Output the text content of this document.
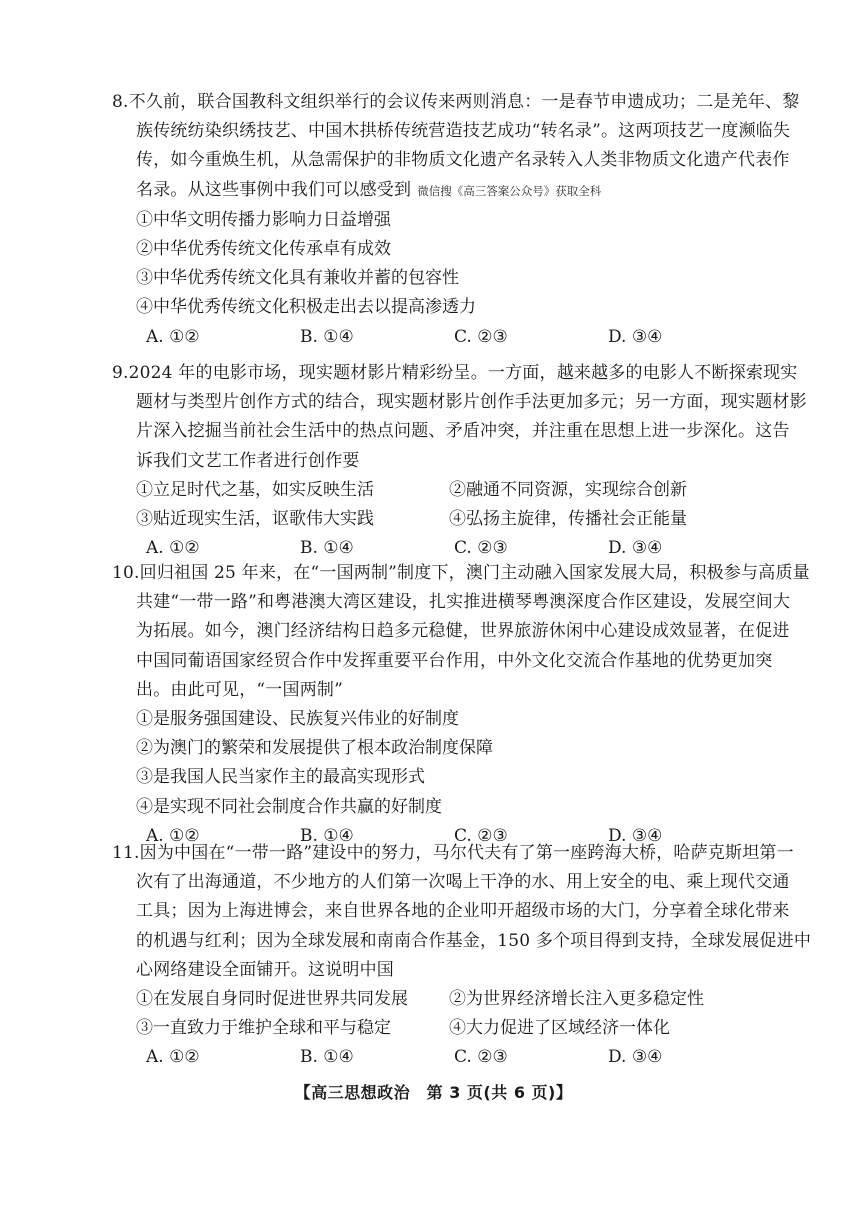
8.不久前，联合国教科文组织举行的会议传来两则消息：一是春节申遗成功；二是羌年、黎
族传统纺染织绣技艺、中国木拱桥传统营造技艺成功“转名录”。这两项技艺一度濒临失
传，如今重焕生机，从急需保护的非物质文化遗产名录转入人类非物质文化遗产代表作
名录。从这些事例中我们可以感受到 微信搜《高三答案公众号》获取全科
①中华文明传播力影响力日益增强
②中华优秀传统文化传承卓有成效
③中华优秀传统文化具有兼收并蓄的包容性
④中华优秀传统文化积极走出去以提高渗透力
A. ①②	B. ①④	C. ②③	D. ③④
9.2024 年的电影市场，现实题材影片精彩纷呈。一方面，越来越多的电影人不断探索现实
题材与类型片创作方式的结合，现实题材影片创作手法更加多元；另一方面，现实题材影
片深入挖掘当前社会生活中的热点问题、矛盾冲突，并注重在思想上进一步深化。这告
诉我们文艺工作者进行创作要
①立足时代之基，如实反映生活	②融通不同资源，实现综合创新
③贴近现实生活，讴歌伟大实践	④弘扬主旋律，传播社会正能量
A. ①②	B. ①④	C. ②③	D. ③④
10.回归祖国 25 年来，在“一国两制”制度下，澳门主动融入国家发展大局，积极参与高质量
共建“一带一路”和粤港澳大湾区建设，扎实推进横琴粤澳深度合作区建设，发展空间大
为拓展。如今，澳门经济结构日趋多元稳健，世界旅游休闲中心建设成效显著，在促进
中国同葡语国家经贸合作中发挥重要平台作用，中外文化交流合作基地的优势更加突
出。由此可见，“一国两制”
①是服务强国建设、民族复兴伟业的好制度
②为澳门的繁荣和发展提供了根本政治制度保障
③是我国人民当家作主的最高实现形式
④是实现不同社会制度合作共赢的好制度
A. ①②	B. ①④	C. ②③	D. ③④
11.因为中国在“一带一路”建设中的努力，马尔代夫有了第一座跨海大桥，哈萨克斯坦第一
次有了出海通道，不少地方的人们第一次喝上干净的水、用上安全的电、乘上现代交通
工具；因为上海进博会，来自世界各地的企业叩开超级市场的大门，分享着全球化带来
的机遇与红利；因为全球发展和南南合作基金，150 多个项目得到支持，全球发展促进中
心网络建设全面铺开。这说明中国
①在发展自身同时促进世界共同发展	②为世界经济增长注入更多稳定性
③一直致力于维护全球和平与稳定	④大力促进了区域经济一体化
A. ①②	B. ①④	C. ②③	D. ③④
【高三思想政治　第 3 页(共 6 页)】
